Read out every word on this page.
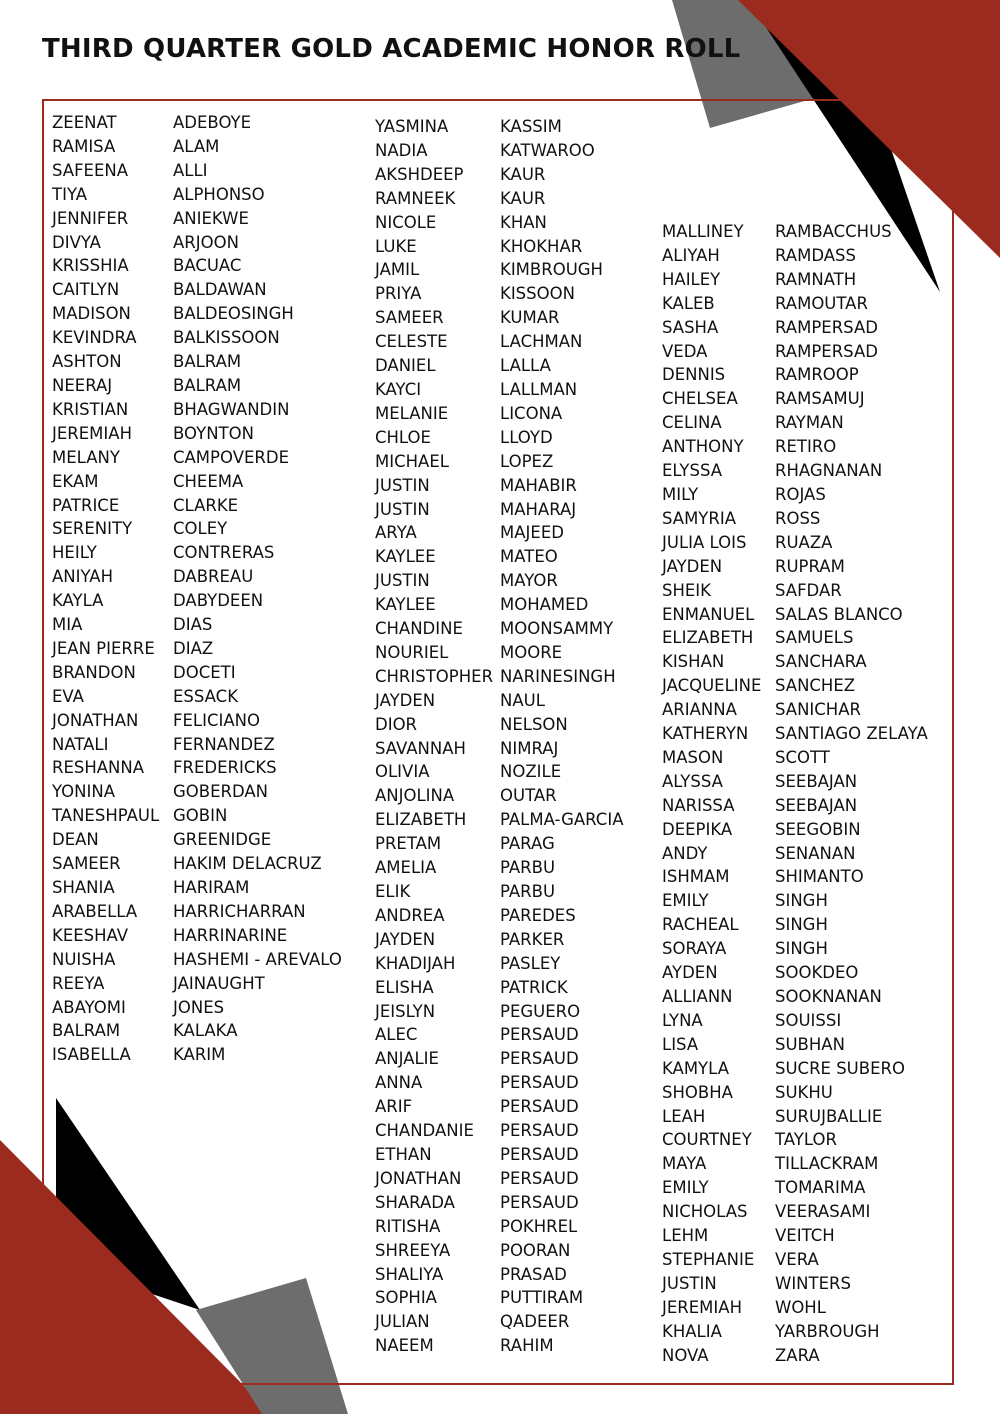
THIRD QUARTER GOLD ACADEMIC HONOR ROLL
ZEENAT
RAMISA
SAFEENA
TIYA
JENNIFER
DIVYA
KRISSHIA
CAITLYN
MADISON
KEVINDRA
ASHTON
NEERAJ
KRISTIAN
JEREMIAH
MELANY
EKAM
PATRICE
SERENITY
HEILY
ANIYAH
KAYLA
MIA
JEAN PIERRE
BRANDON
EVA
JONATHAN
NATALI
RESHANNA
YONINA
TANESHPAUL
DEAN
SAMEER
SHANIA
ARABELLA
KEESHAV
NUISHA
REEYA
ABAYOMI
BALRAM
ISABELLA
ADEBOYE
ALAM
ALLI
ALPHONSO
ANIEKWE
ARJOON
BACUAC
BALDAWAN
BALDEOSINGH
BALKISSOON
BALRAM
BALRAM
BHAGWANDIN
BOYNTON
CAMPOVERDE
CHEEMA
CLARKE
COLEY
CONTRERAS
DABREAU
DABYDEEN
DIAS
DIAZ
DOCETI
ESSACK
FELICIANO
FERNANDEZ
FREDERICKS
GOBERDAN
GOBIN
GREENIDGE
HAKIM DELACRUZ
HARIRAM
HARRICHARRAN
HARRINARINE
HASHEMI - AREVALO
JAINAUGHT
JONES
KALAKA
KARIM
YASMINA
NADIA
AKSHDEEP
RAMNEEK
NICOLE
LUKE
JAMIL
PRIYA
SAMEER
CELESTE
DANIEL
KAYCI
MELANIE
CHLOE
MICHAEL
JUSTIN
JUSTIN
ARYA
KAYLEE
JUSTIN
KAYLEE
CHANDINE
NOURIEL
CHRISTOPHER
JAYDEN
DIOR
SAVANNAH
OLIVIA
ANJOLINA
ELIZABETH
PRETAM
AMELIA
ELIK
ANDREA
JAYDEN
KHADIJAH
ELISHA
JEISLYN
ALEC
ANJALIE
ANNA
ARIF
CHANDANIE
ETHAN
JONATHAN
SHARADA
RITISHA
SHREEYA
SHALIYA
SOPHIA
JULIAN
NAEEM
KASSIM
KATWAROO
KAUR
KAUR
KHAN
KHOKHAR
KIMBROUGH
KISSOON
KUMAR
LACHMAN
LALLA
LALLMAN
LICONA
LLOYD
LOPEZ
MAHABIR
MAHARAJ
MAJEED
MATEO
MAYOR
MOHAMED
MOONSAMMY
MOORE
NARINESINGH
NAUL
NELSON
NIMRAJ
NOZILE
OUTAR
PALMA-GARCIA
PARAG
PARBU
PARBU
PAREDES
PARKER
PASLEY
PATRICK
PEGUERO
PERSAUD
PERSAUD
PERSAUD
PERSAUD
PERSAUD
PERSAUD
PERSAUD
PERSAUD
POKHREL
POORAN
PRASAD
PUTTIRAM
QADEER
RAHIM
MALLINEY
ALIYAH
HAILEY
KALEB
SASHA
VEDA
DENNIS
CHELSEA
CELINA
ANTHONY
ELYSSA
MILY
SAMYRIA
JULIA LOIS
JAYDEN
SHEIK
ENMANUEL
ELIZABETH
KISHAN
JACQUELINE
ARIANNA
KATHERYN
MASON
ALYSSA
NARISSA
DEEPIKA
ANDY
ISHMAM
EMILY
RACHEAL
SORAYA
AYDEN
ALLIANN
LYNA
LISA
KAMYLA
SHOBHA
LEAH
COURTNEY
MAYA
EMILY
NICHOLAS
LEHM
STEPHANIE
JUSTIN
JEREMIAH
KHALIA
NOVA
RAMBACCHUS
RAMDASS
RAMNATH
RAMOUTAR
RAMPERSAD
RAMPERSAD
RAMROOP
RAMSAMUJ
RAYMAN
RETIRO
RHAGNANAN
ROJAS
ROSS
RUAZA
RUPRAM
SAFDAR
SALAS BLANCO
SAMUELS
SANCHARA
SANCHEZ
SANICHAR
SANTIAGO ZELAYA
SCOTT
SEEBAJAN
SEEBAJAN
SEEGOBIN
SENANAN
SHIMANTO
SINGH
SINGH
SINGH
SOOKDEO
SOOKNANAN
SOUISSI
SUBHAN
SUCRE SUBERO
SUKHU
SURUJBALLIE
TAYLOR
TILLACKRAM
TOMARIMA
VEERASAMI
VEITCH
VERA
WINTERS
WOHL
YARBROUGH
ZARA
